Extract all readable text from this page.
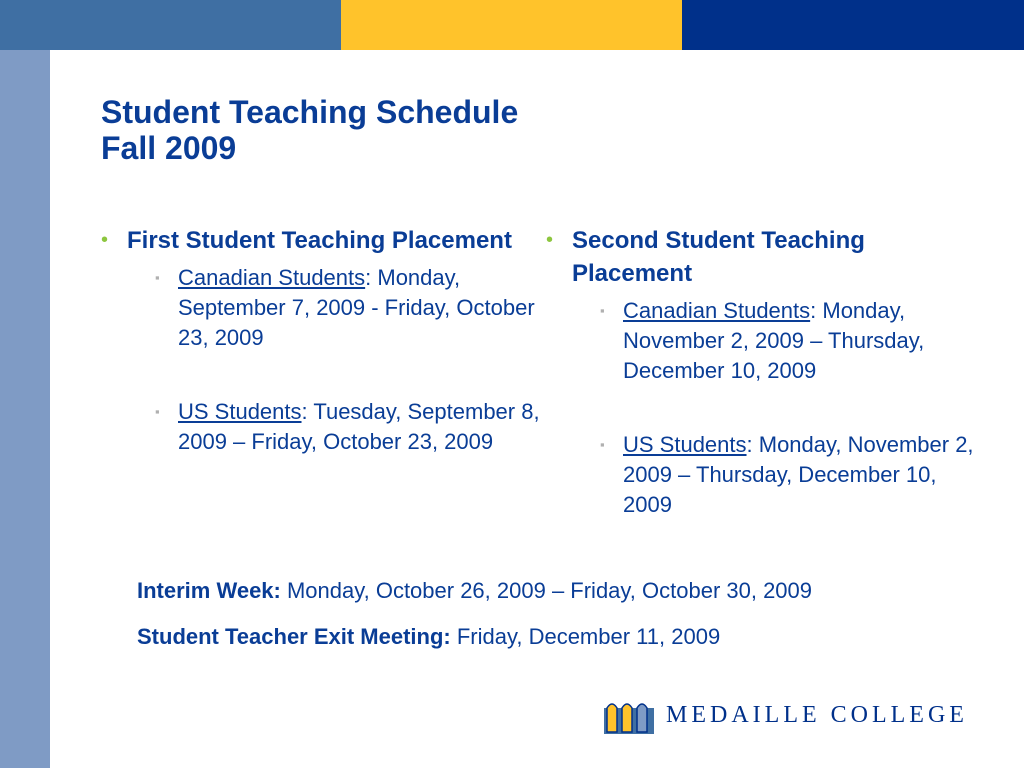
Student Teaching Schedule
Fall 2009
• First Student Teaching Placement
▪ Canadian Students: Monday, September 7, 2009 - Friday, October 23, 2009
▪ US Students: Tuesday, September 8, 2009 – Friday, October 23, 2009
• Second Student Teaching Placement
▪ Canadian Students: Monday, November 2, 2009 – Thursday, December 10, 2009
▪ US Students: Monday, November 2, 2009 – Thursday, December 10, 2009
Interim Week: Monday, October 26, 2009 – Friday, October 30, 2009
Student Teacher Exit Meeting: Friday, December 11, 2009
MEDAILLE COLLEGE
